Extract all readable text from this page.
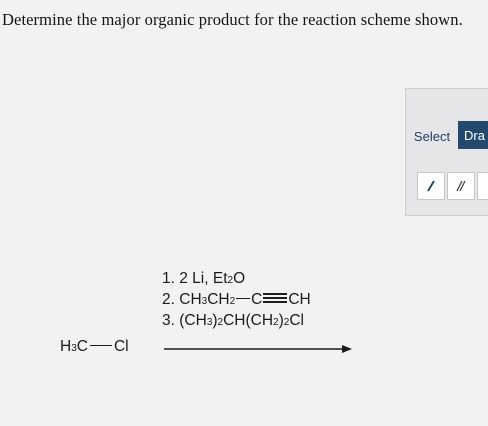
Determine the major organic product for the reaction scheme shown.
Select	Dra
1.
2 Li, Et 2 O
2.
CH 3 CH 2 C CH
3.
(CH 3 ) 2 CH(CH 2 ) 2 Cl
H 3 C Cl
